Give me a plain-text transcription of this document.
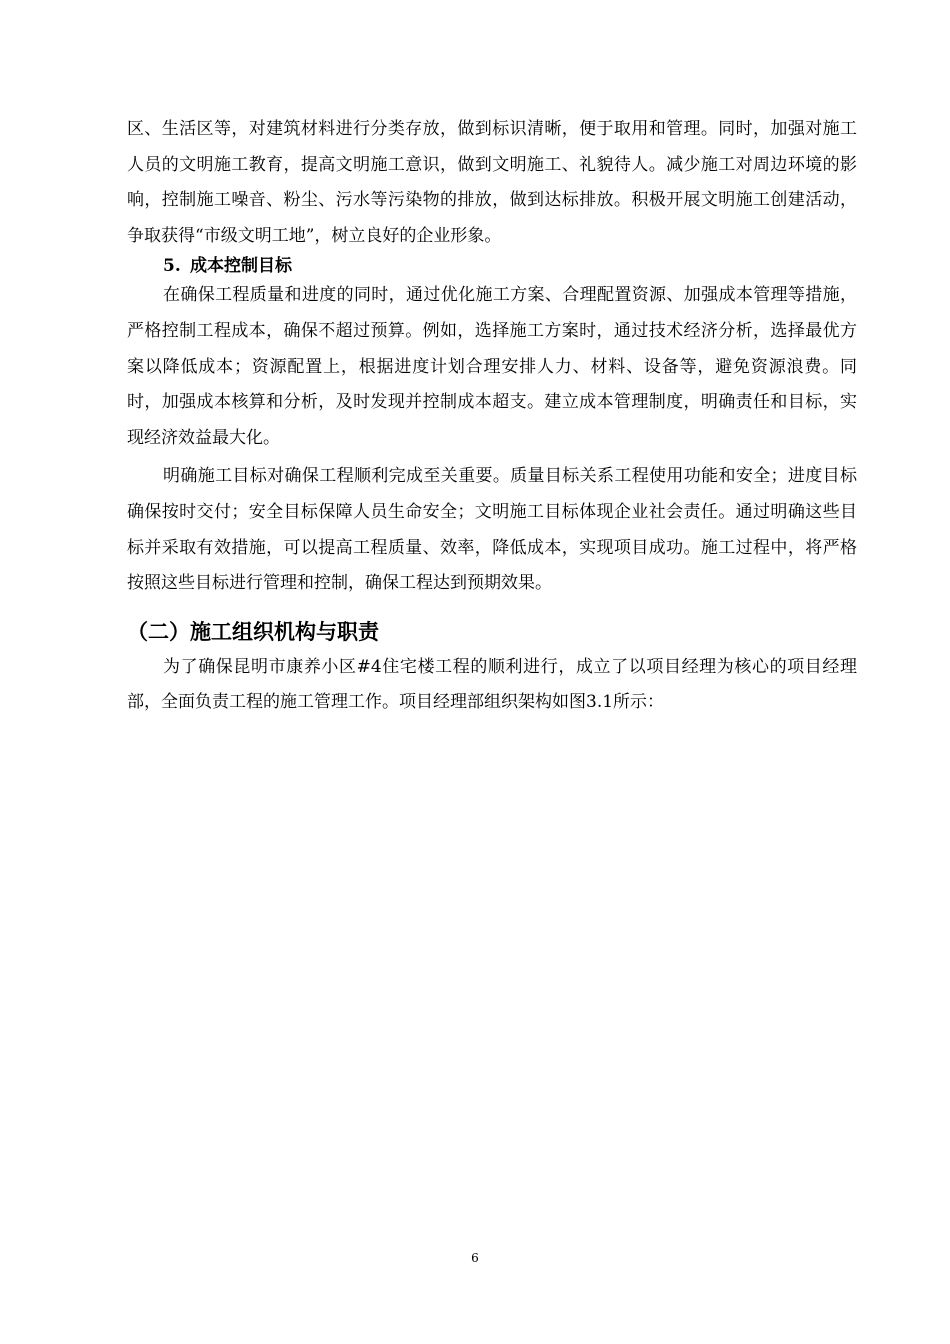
区、生活区等，对建筑材料进行分类存放，做到标识清晰，便于取用和管理。同时，加强对施工人员的文明施工教育，提高文明施工意识，做到文明施工、礼貌待人。减少施工对周边环境的影响，控制施工噪音、粉尘、污水等污染物的排放，做到达标排放。积极开展文明施工创建活动，争取获得“市级文明工地”，树立良好的企业形象。

5. 成本控制目标

在确保工程质量和进度的同时，通过优化施工方案、合理配置资源、加强成本管理等措施，严格控制工程成本，确保不超过预算。例如，选择施工方案时，通过技术经济分析，选择最优方案以降低成本；资源配置上，根据进度计划合理安排人力、材料、设备等，避免资源浪费。同时，加强成本核算和分析，及时发现并控制成本超支。建立成本管理制度，明确责任和目标，实现经济效益最大化。

明确施工目标对确保工程顺利完成至关重要。质量目标关系工程使用功能和安全；进度目标确保按时交付；安全目标保障人员生命安全；文明施工目标体现企业社会责任。通过明确这些目标并采取有效措施，可以提高工程质量、效率，降低成本，实现项目成功。施工过程中，将严格按照这些目标进行管理和控制，确保工程达到预期效果。

（二）施工组织机构与职责

为了确保昆明市康养小区#4住宅楼工程的顺利进行，成立了以项目经理为核心的项目经理部，全面负责工程的施工管理工作。项目经理部组织架构如图3.1所示：

6
